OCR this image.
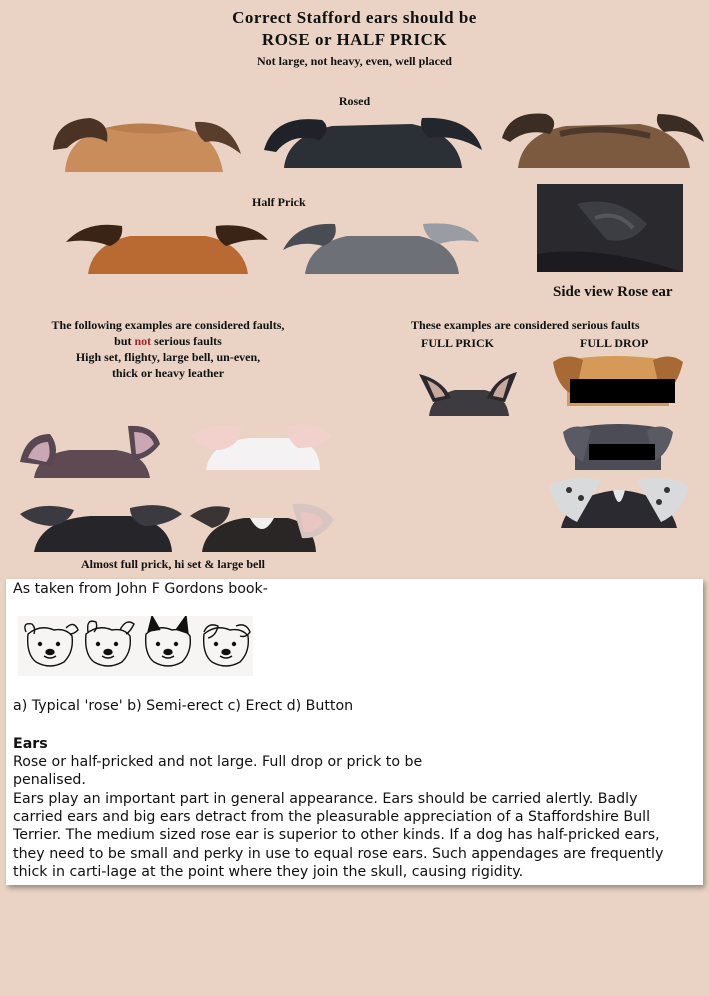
Correct Stafford ears should be
ROSE or HALF PRICK
Not large, not heavy, even, well placed
Rosed
Half Prick
Side view Rose ear
The following examples are considered faults,
but not serious faults
High set, flighty, large bell, un-even,
thick or heavy leather
These examples are considered serious faults
FULL PRICK	FULL DROP
Almost full prick, hi set & large bell
As taken from John F Gordons book-
a) Typical 'rose' b) Semi-erect c) Erect d) Button
Ears
Rose or half-pricked and not large. Full drop or prick to be
penalised.
Ears play an important part in general appearance. Ears should be carried alertly. Badly
carried ears and big ears detract from the pleasurable appreciation of a Staffordshire Bull
Terrier. The medium sized rose ear is superior to other kinds. If a dog has half-pricked ears,
they need to be small and perky in use to equal rose ears. Such appendages are frequently
thick in carti-lage at the point where they join the skull, causing rigidity.
